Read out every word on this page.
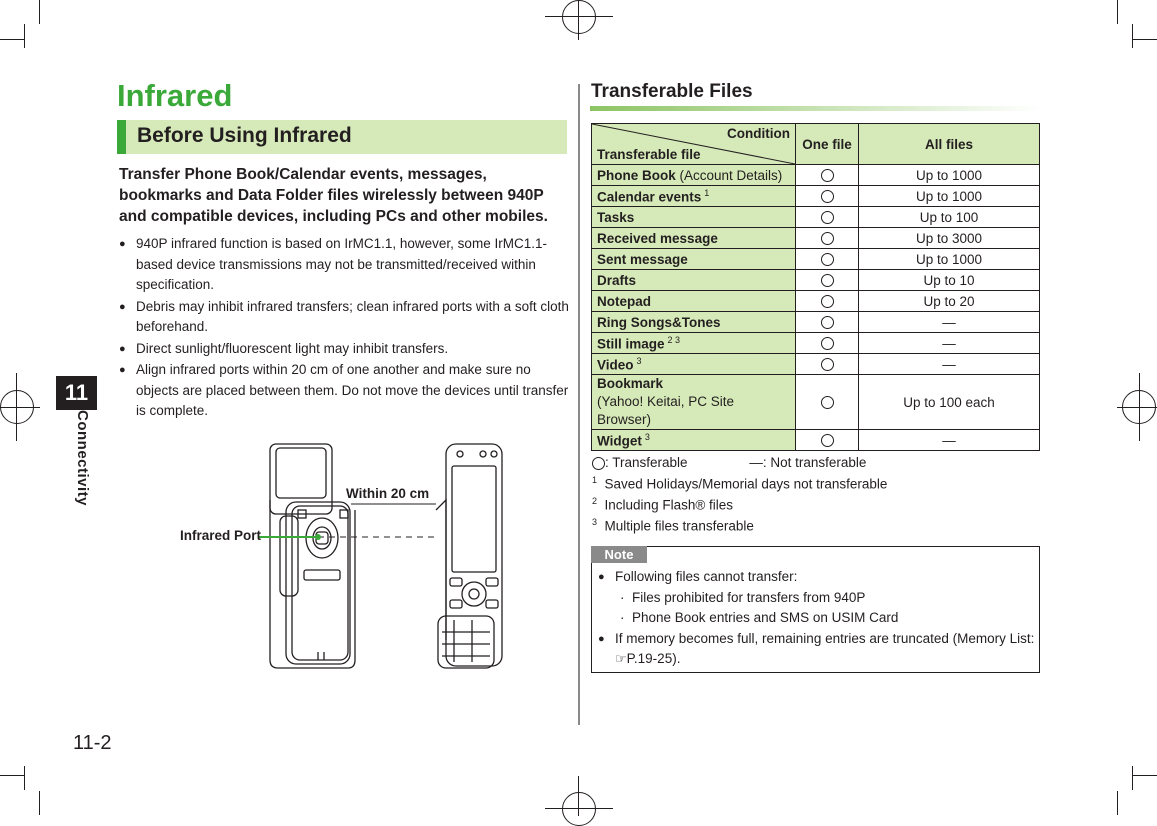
11
Connectivity
11-2
Infrared
Before Using Infrared
Transfer Phone Book/Calendar events, messages, bookmarks and Data Folder files wirelessly between 940P and compatible devices, including PCs and other mobiles.
● 940P infrared function is based on IrMC1.1, however, some IrMC1.1-based device transmissions may not be transmitted/received within specification.
● Debris may inhibit infrared transfers; clean infrared ports with a soft cloth beforehand.
● Direct sunlight/fluorescent light may inhibit transfers.
● Align infrared ports within 20 cm of one another and make sure no objects are placed between them. Do not move the devices until transfer is complete.
Within 20 cm
Infrared Port
Transferable Files
Condition
Transferable file	One file	All files
Phone Book (Account Details)		Up to 1000
Calendar events $^1$		Up to 1000
Tasks		Up to 100
Received message		Up to 3000
Sent message		Up to 1000
Drafts		Up to 10
Notepad		Up to 20
Ring Songs&Tones		—
Still image $^{2 3}$		—
Video $^3$		—
Bookmark
(Yahoo! Keitai, PC Site Browser)		Up to 100 each
Widget $^3$		—
: Transferable	—: Not transferable
$^1$ Saved Holidays/Memorial days not transferable
$^2$ Including Flash® files
$^3$ Multiple files transferable
Note
● Following files cannot transfer:
· Files prohibited for transfers from 940P
· Phone Book entries and SMS on USIM Card
● If memory becomes full, remaining entries are truncated (Memory List:
☞P.19-25).
